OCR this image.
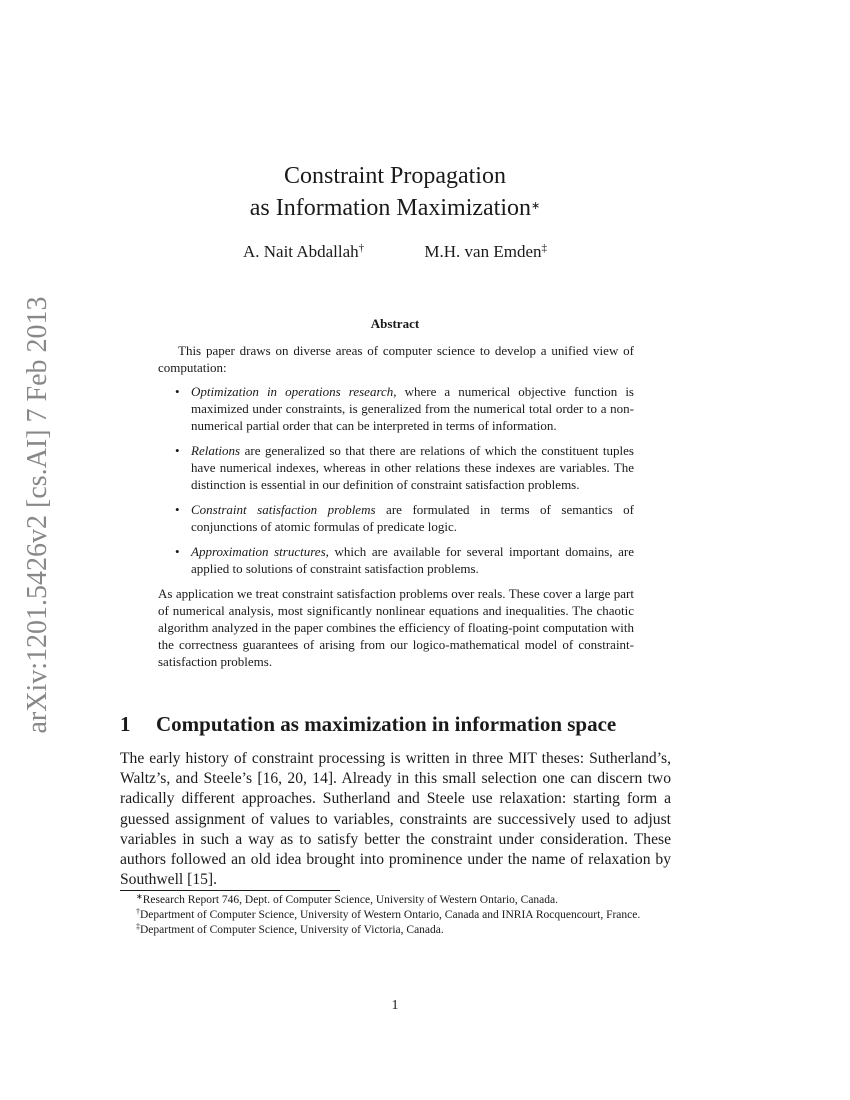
arXiv:1201.5426v2 [cs.AI] 7 Feb 2013
Constraint Propagation
as Information Maximization∗
A. Nait Abdallah†	M.H. van Emden‡
Abstract

This paper draws on diverse areas of computer science to develop a unified view of computation:

• Optimization in operations research, where a numerical objective function is maximized under constraints, is generalized from the numerical total order to a non-numerical partial order that can be interpreted in terms of information.
• Relations are generalized so that there are relations of which the constituent tuples have numerical indexes, whereas in other relations these indexes are variables. The distinction is essential in our definition of constraint satisfaction problems.
• Constraint satisfaction problems are formulated in terms of semantics of conjunctions of atomic formulas of predicate logic.
• Approximation structures, which are available for several important domains, are applied to solutions of constraint satisfaction problems.

As application we treat constraint satisfaction problems over reals. These cover a large part of numerical analysis, most significantly nonlinear equations and inequalities. The chaotic algorithm analyzed in the paper combines the efficiency of floating-point computation with the correctness guarantees of arising from our logico-mathematical model of constraint-satisfaction problems.

1 Computation as maximization in information space

The early history of constraint processing is written in three MIT theses: Sutherland’s, Waltz’s, and Steele’s [16, 20, 14]. Already in this small selection one can discern two radically different approaches. Sutherland and Steele use relaxation: starting form a guessed assignment of values to variables, constraints are successively used to adjust variables in such a way as to satisfy better the constraint under consideration. These authors followed an old idea brought into prominence under the name of relaxation by Southwell [15].

∗Research Report 746, Dept. of Computer Science, University of Western Ontario, Canada.

†Department of Computer Science, University of Western Ontario, Canada and INRIA Rocquencourt, France.

‡Department of Computer Science, University of Victoria, Canada.

1
